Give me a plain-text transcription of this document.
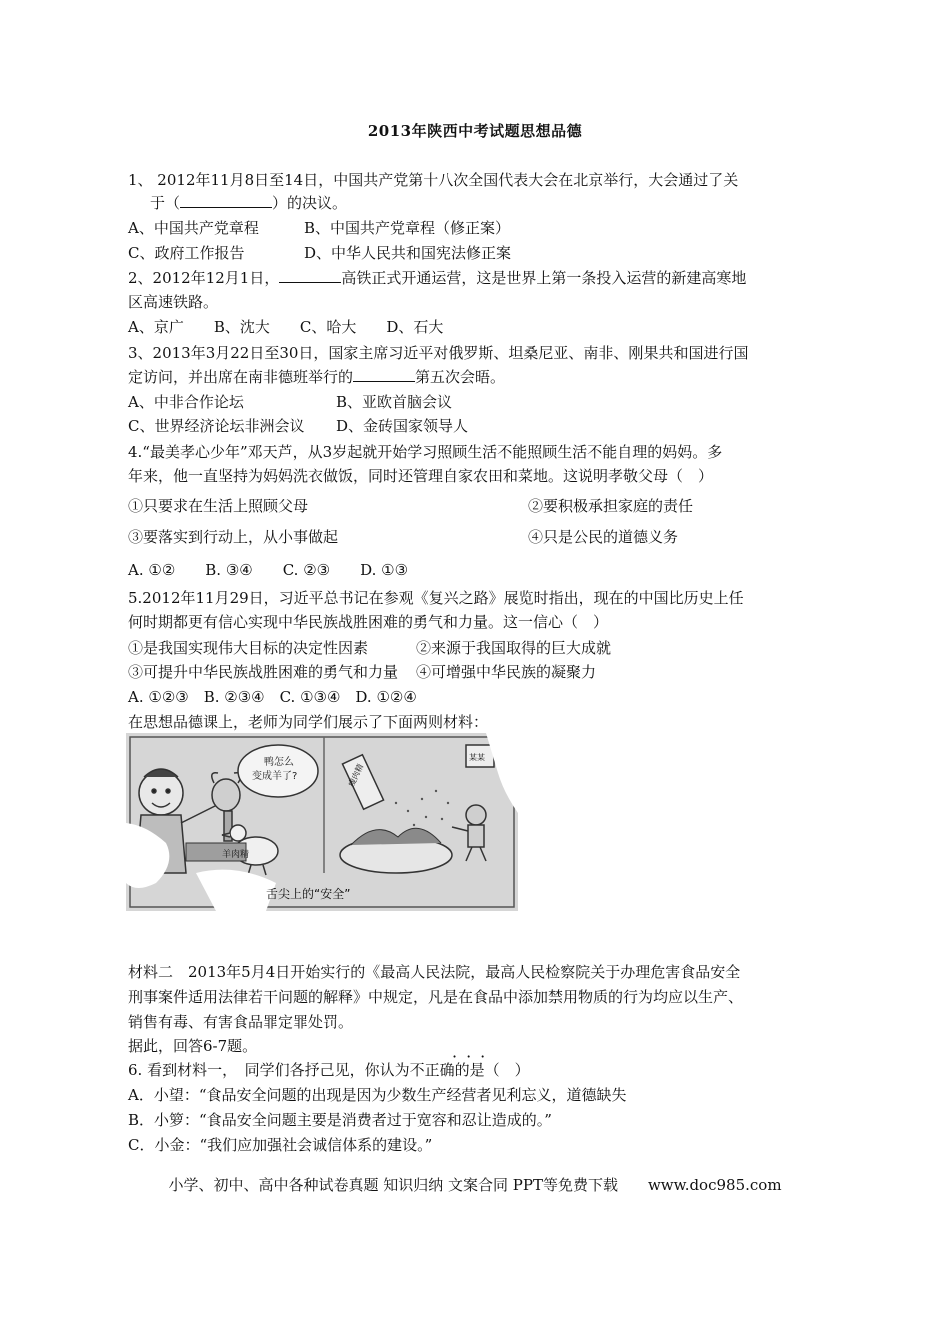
2013年陕西中考试题思想品德
1、 2012年11月8日至14日，中国共产党第十八次全国代表大会在北京举行，大会通过了关
于（	）的决议。
A、中国共产党章程	B、中国共产党章程（修正案）
C、政府工作报告	D、中华人民共和国宪法修正案
2、2012年12月1日，	高铁正式开通运营，这是世界上第一条投入运营的新建高寒地
区高速铁路。
A、京广　　B、沈大　　C、哈大　　D、石大
3、2013年3月22日至30日，国家主席习近平对俄罗斯、坦桑尼亚、南非、刚果共和国进行国
定访问，并出席在南非德班举行的	第五次会晤。
A、中非合作论坛	B、亚欧首脑会议
C、世界经济论坛非洲会议 D、金砖国家领导人
4.“最美孝心少年”邓天芦，从3岁起就开始学习照顾生活不能照顾生活不能自理的妈妈。多
年来，他一直坚持为妈妈洗衣做饭，同时还管理自家农田和菜地。这说明孝敬父母（　）
①只要求在生活上照顾父母	②要积极承担家庭的责任
③要落实到行动上，从小事做起	④只是公民的道德义务
A. ①②　　B. ③④　　C. ②③　　D. ①③
5.2012年11月29日，习近平总书记在参观《复兴之路》展览时指出，现在的中国比历史上任
何时期都更有信心实现中华民族战胜困难的勇气和力量。这一信心（　）
①是我国实现伟大目标的决定性因素	②来源于我国取得的巨大成就
③可提升中华民族战胜困难的勇气和力量 ④可增强中华民族的凝聚力
A. ①②③　B. ②③④　C. ①③④　D. ①②④
在思想品德课上，老师为同学们展示了下面两则材料：
鸭怎么
变成羊了?
羊肉精
瘦肉精
某某
舌尖上的“安全”
材料二　2013年5月4日开始实行的《最高人民法院，最高人民检察院关于办理危害食品安全
刑事案件适用法律若干问题的解释》中规定，凡是在食品中添加禁用物质的行为均应以生产、
销售有毒、有害食品罪定罪处罚。
据此，回答6-7题。
···
6. 看到材料一，　同学们各抒己见，你认为不正确的是（　）
A．小望：“食品安全问题的出现是因为少数生产经营者见利忘义，道德缺失
B．小箩：“食品安全问题主要是消费者过于宽容和忍让造成的。”
C．小金：“我们应加强社会诚信体系的建设。”
小学、初中、高中各种试卷真题 知识归纳 文案合同 PPT等免费下载　　www.doc985.com
